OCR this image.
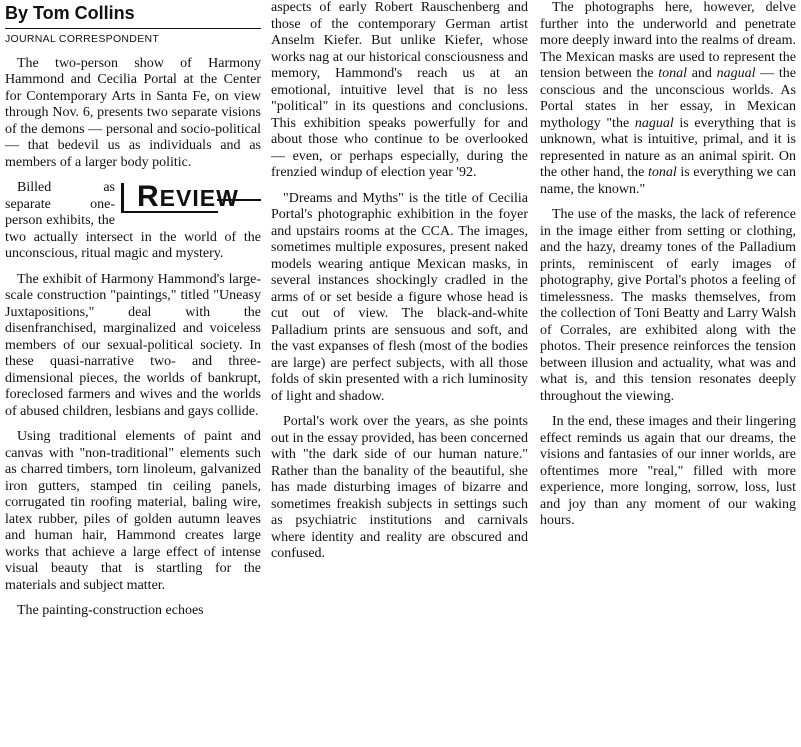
By Tom Collins
JOURNAL CORRESPONDENT

The two-person show of Harmony Hammond and Cecilia Portal at the Center for Contemporary Arts in Santa Fe, on view through Nov. 6, presents two separate visions of the demons — personal and socio-political — that bedevil us as individuals and as members of a larger body politic.

REVIEW
Billed as separate one-person exhibits, the two actually intersect in the world of the unconscious, ritual magic and mystery.

The exhibit of Harmony Hammond's large-scale construction "paintings," titled "Uneasy Juxtapositions," deal with the disenfranchised, marginalized and voiceless members of our sexual-political society. In these quasi-narrative two- and three-dimensional pieces, the worlds of bankrupt, foreclosed farmers and wives and the worlds of abused children, lesbians and gays collide.

Using traditional elements of paint and canvas with "non-traditional" elements such as charred timbers, torn linoleum, galvanized iron gutters, stamped tin ceiling panels, corrugated tin roofing material, baling wire, latex rubber, piles of golden autumn leaves and human hair, Hammond creates large works that achieve a large effect of intense visual beauty that is startling for the materials and subject matter.

The painting-construction echoes

aspects of early Robert Rauschenberg and those of the contemporary German artist Anselm Kiefer. But unlike Kiefer, whose works nag at our historical consciousness and memory, Hammond's reach us at an emotional, intuitive level that is no less "political" in its questions and conclusions. This exhibition speaks powerfully for and about those who continue to be overlooked — even, or perhaps especially, during the frenzied windup of election year '92.

"Dreams and Myths" is the title of Cecilia Portal's photographic exhibition in the foyer and upstairs rooms at the CCA. The images, sometimes multiple exposures, present naked models wearing antique Mexican masks, in several instances shockingly cradled in the arms of or set beside a figure whose head is cut out of view. The black-and-white Palladium prints are sensuous and soft, and the vast expanses of flesh (most of the bodies are large) are perfect subjects, with all those folds of skin presented with a rich luminosity of light and shadow.

Portal's work over the years, as she points out in the essay provided, has been concerned with "the dark side of our human nature." Rather than the banality of the beautiful, she has made disturbing images of bizarre and sometimes freakish subjects in settings such as psychiatric institutions and carnivals where identity and reality are obscured and confused.

The photographs here, however, delve further into the underworld and penetrate more deeply inward into the realms of dream. The Mexican masks are used to represent the tension between the tonal and nagual — the conscious and the unconscious worlds. As Portal states in her essay, in Mexican mythology "the nagual is everything that is unknown, what is intuitive, primal, and it is represented in nature as an animal spirit. On the other hand, the tonal is everything we can name, the known."

The use of the masks, the lack of reference in the image either from setting or clothing, and the hazy, dreamy tones of the Palladium prints, reminiscent of early images of photography, give Portal's photos a feeling of timelessness. The masks themselves, from the collection of Toni Beatty and Larry Walsh of Corrales, are exhibited along with the photos. Their presence reinforces the tension between illusion and actuality, what was and what is, and this tension resonates deeply throughout the viewing.

In the end, these images and their lingering effect reminds us again that our dreams, the visions and fantasies of our inner worlds, are oftentimes more "real," filled with more experience, more longing, sorrow, loss, lust and joy than any moment of our waking hours.
